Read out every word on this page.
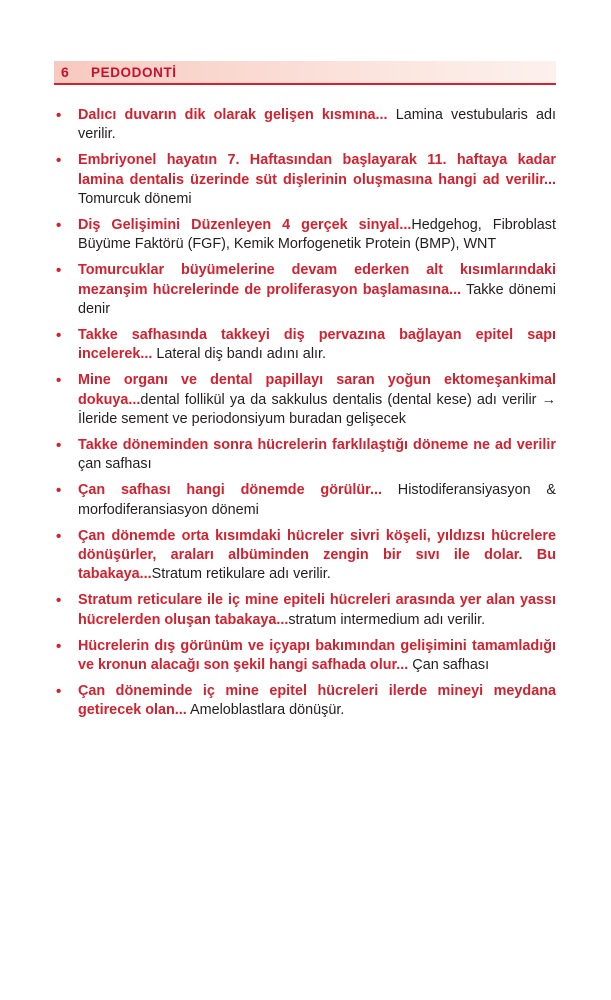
6	PEDODONTİ
• Dalıcı duvarın dik olarak gelişen kısmına... Lamina vestubularis adı verilir.
• Embriyonel hayatın 7. Haftasından başlayarak 11. haftaya kadar lamina dentalis üzerinde süt dişlerinin oluşmasına hangi ad verilir... Tomurcuk dönemi
• Diş Gelişimini Düzenleyen 4 gerçek sinyal...Hedgehog, Fibroblast Büyüme Faktörü (FGF), Kemik Morfogenetik Protein (BMP), WNT
• Tomurcuklar büyümelerine devam ederken alt kısımlarındaki mezanşim hücrelerinde de proliferasyon başlamasına... Takke dönemi denir
• Takke safhasında takkeyi diş pervazına bağlayan epitel sapı incelerek... Lateral diş bandı adını alır.
• Mine organı ve dental papillayı saran yoğun ektomeşankimal dokuya...dental follikül ya da sakkulus dentalis (dental kese) adı verilir → İleride sement ve periodonsiyum buradan gelişecek
• Takke döneminden sonra hücrelerin farklılaştığı döneme ne ad verilir çan safhası
• Çan safhası hangi dönemde görülür... Histodiferansiyasyon & morfodiferansiasyon dönemi
• Çan dönemde orta kısımdaki hücreler sivri köşeli, yıldızsı hücrelere dönüşürler, araları albüminden zengin bir sıvı ile dolar. Bu tabakaya...Stratum retikulare adı verilir.
• Stratum reticulare ile iç mine epiteli hücreleri arasında yer alan yassı hücrelerden oluşan tabakaya...stratum intermedium adı verilir.
• Hücrelerin dış görünüm ve içyapı bakımından gelişimini tamamladığı ve kronun alacağı son şekil hangi safhada olur... Çan safhası
• Çan döneminde iç mine epitel hücreleri ilerde mineyi meydana getirecek olan... Ameloblastlara dönüşür.
